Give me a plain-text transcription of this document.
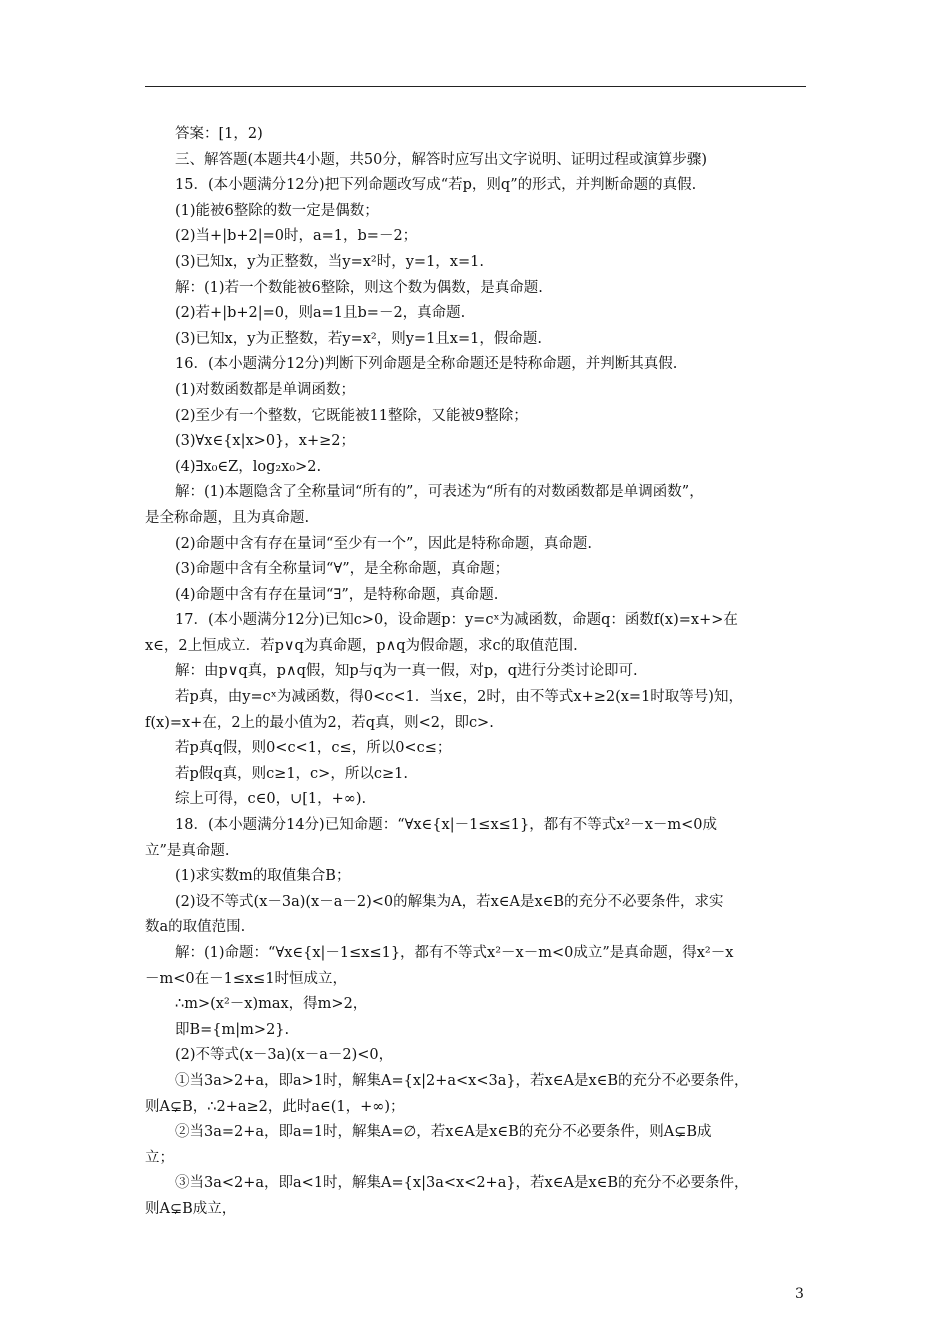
答案：[1，2)
三、解答题(本题共4小题，共50分，解答时应写出文字说明、证明过程或演算步骤)
15．(本小题满分12分)把下列命题改写成“若p，则q”的形式，并判断命题的真假.
(1)能被6整除的数一定是偶数；
(2)当+|b+2|=0时，a=1，b=－2；
(3)已知x，y为正整数，当y=x²时，y=1，x=1.
解：(1)若一个数能被6整除，则这个数为偶数，是真命题.
(2)若+|b+2|=0，则a=1且b=－2，真命题.
(3)已知x，y为正整数，若y=x²，则y=1且x=1，假命题.
16．(本小题满分12分)判断下列命题是全称命题还是特称命题，并判断其真假.
(1)对数函数都是单调函数；
(2)至少有一个整数，它既能被11整除，又能被9整除；
(3)∀x∈{x|x>0}，x+≥2；
(4)∃x₀∈Z，log₂x₀>2.
解：(1)本题隐含了全称量词“所有的”，可表述为“所有的对数函数都是单调函数”，
是全称命题，且为真命题.
(2)命题中含有存在量词“至少有一个”，因此是特称命题，真命题.
(3)命题中含有全称量词“∀”，是全称命题，真命题；
(4)命题中含有存在量词“∃”，是特称命题，真命题.
17．(本小题满分12分)已知c>0，设命题p：y=cˣ为减函数，命题q：函数f(x)=x+>在
x∈，2上恒成立．若p∨q为真命题，p∧q为假命题，求c的取值范围.
解：由p∨q真，p∧q假，知p与q为一真一假，对p，q进行分类讨论即可.
若p真，由y=cˣ为减函数，得0<c<1．当x∈，2时，由不等式x+≥2(x=1时取等号)知，
f(x)=x+在，2上的最小值为2，若q真，则<2，即c>.
若p真q假，则0<c<1，c≤，所以0<c≤；
若p假q真，则c≥1，c>，所以c≥1.
综上可得，c∈0，∪[1，+∞).
18．(本小题满分14分)已知命题：“∀x∈{x|－1≤x≤1}，都有不等式x²－x－m<0成
立”是真命题.
(1)求实数m的取值集合B；
(2)设不等式(x－3a)(x－a－2)<0的解集为A，若x∈A是x∈B的充分不必要条件，求实
数a的取值范围.
解：(1)命题：“∀x∈{x|－1≤x≤1}，都有不等式x²－x－m<0成立”是真命题，得x²－x
－m<0在－1≤x≤1时恒成立，
∴m>(x²－x)max，得m>2，
即B={m|m>2}.
(2)不等式(x－3a)(x－a－2)<0，
①当3a>2+a，即a>1时，解集A={x|2+a<x<3a}，若x∈A是x∈B的充分不必要条件，
则A⊊B，∴2+a≥2，此时a∈(1，+∞)；
②当3a=2+a，即a=1时，解集A=∅，若x∈A是x∈B的充分不必要条件，则A⊊B成
立；
③当3a<2+a，即a<1时，解集A={x|3a<x<2+a}，若x∈A是x∈B的充分不必要条件，
则A⊊B成立，
3
